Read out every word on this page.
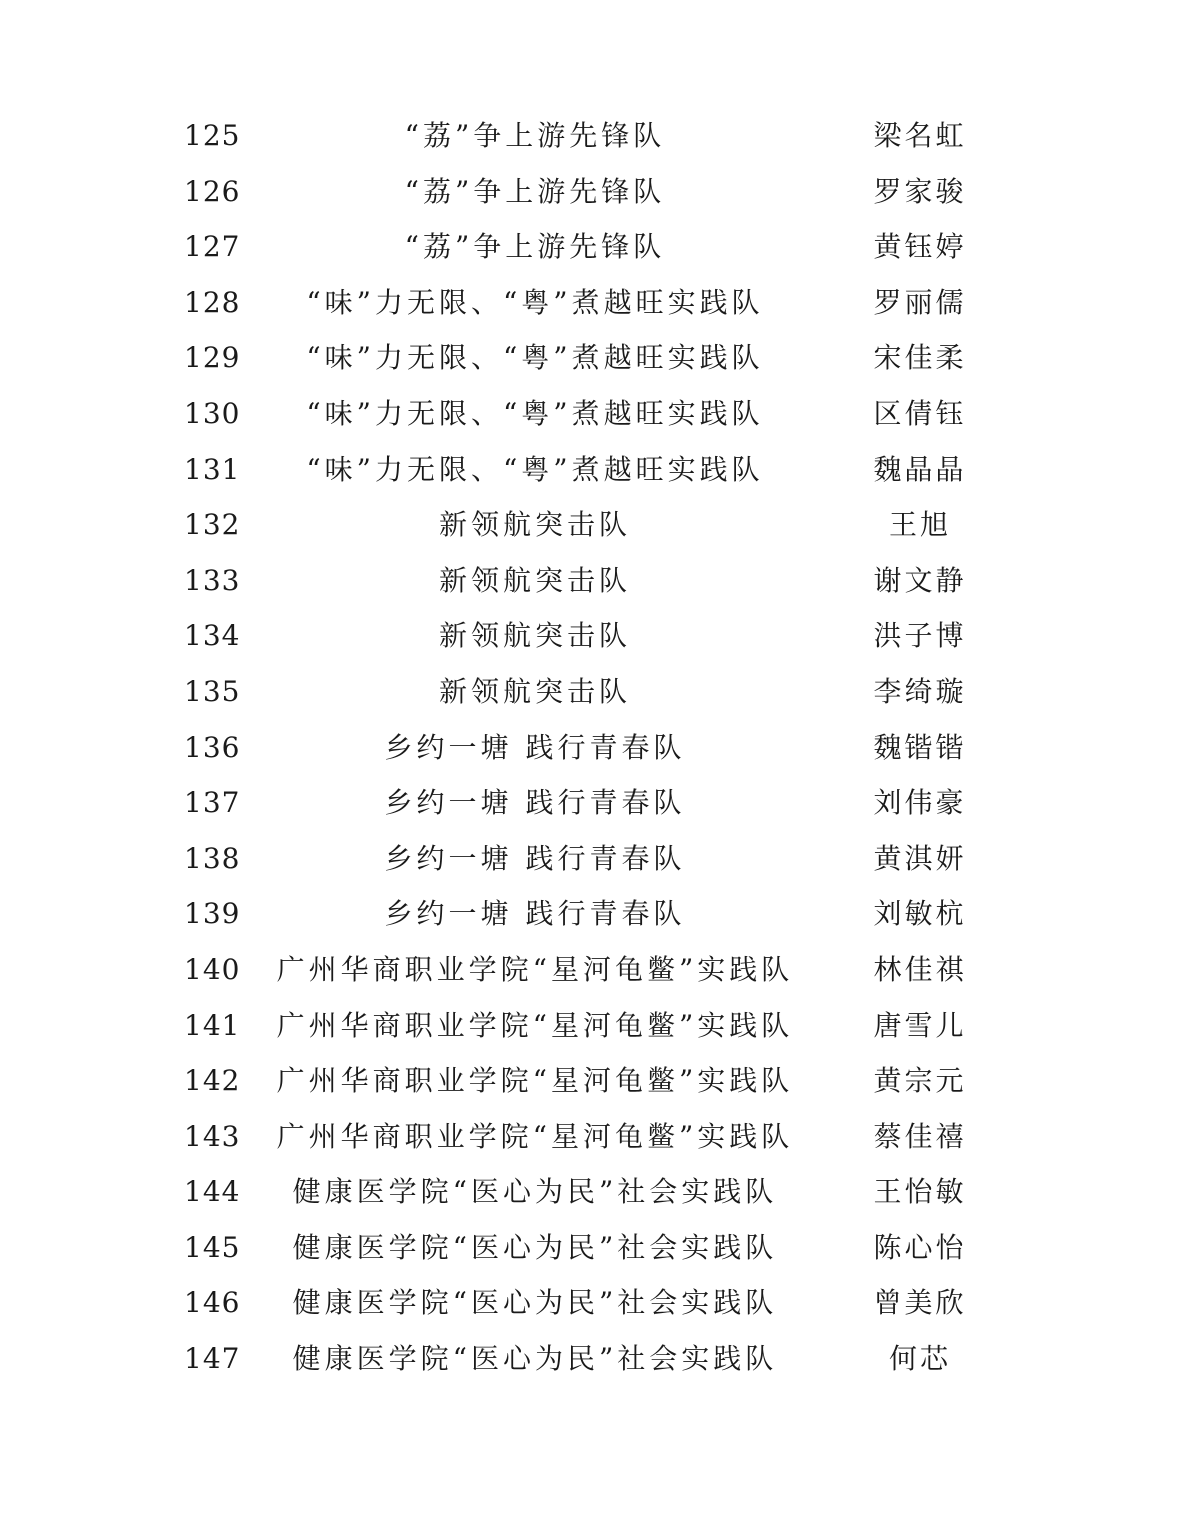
125	“荔”争上游先锋队	梁名虹
126	“荔”争上游先锋队	罗家骏
127	“荔”争上游先锋队	黄钰婷
128	“味”力无限、“粤”煮越旺实践队	罗丽儒
129	“味”力无限、“粤”煮越旺实践队	宋佳柔
130	“味”力无限、“粤”煮越旺实践队	区倩钰
131	“味”力无限、“粤”煮越旺实践队	魏晶晶
132	新领航突击队	王旭
133	新领航突击队	谢文静
134	新领航突击队	洪子博
135	新领航突击队	李绮璇
136	乡约一塘 践行青春队	魏锴锴
137	乡约一塘 践行青春队	刘伟豪
138	乡约一塘 践行青春队	黄淇妍
139	乡约一塘 践行青春队	刘敏杭
140	广州华商职业学院“星河龟鳖”实践队	林佳祺
141	广州华商职业学院“星河龟鳖”实践队	唐雪儿
142	广州华商职业学院“星河龟鳖”实践队	黄宗元
143	广州华商职业学院“星河龟鳖”实践队	蔡佳禧
144	健康医学院“医心为民”社会实践队	王怡敏
145	健康医学院“医心为民”社会实践队	陈心怡
146	健康医学院“医心为民”社会实践队	曾美欣
147	健康医学院“医心为民”社会实践队	何芯
